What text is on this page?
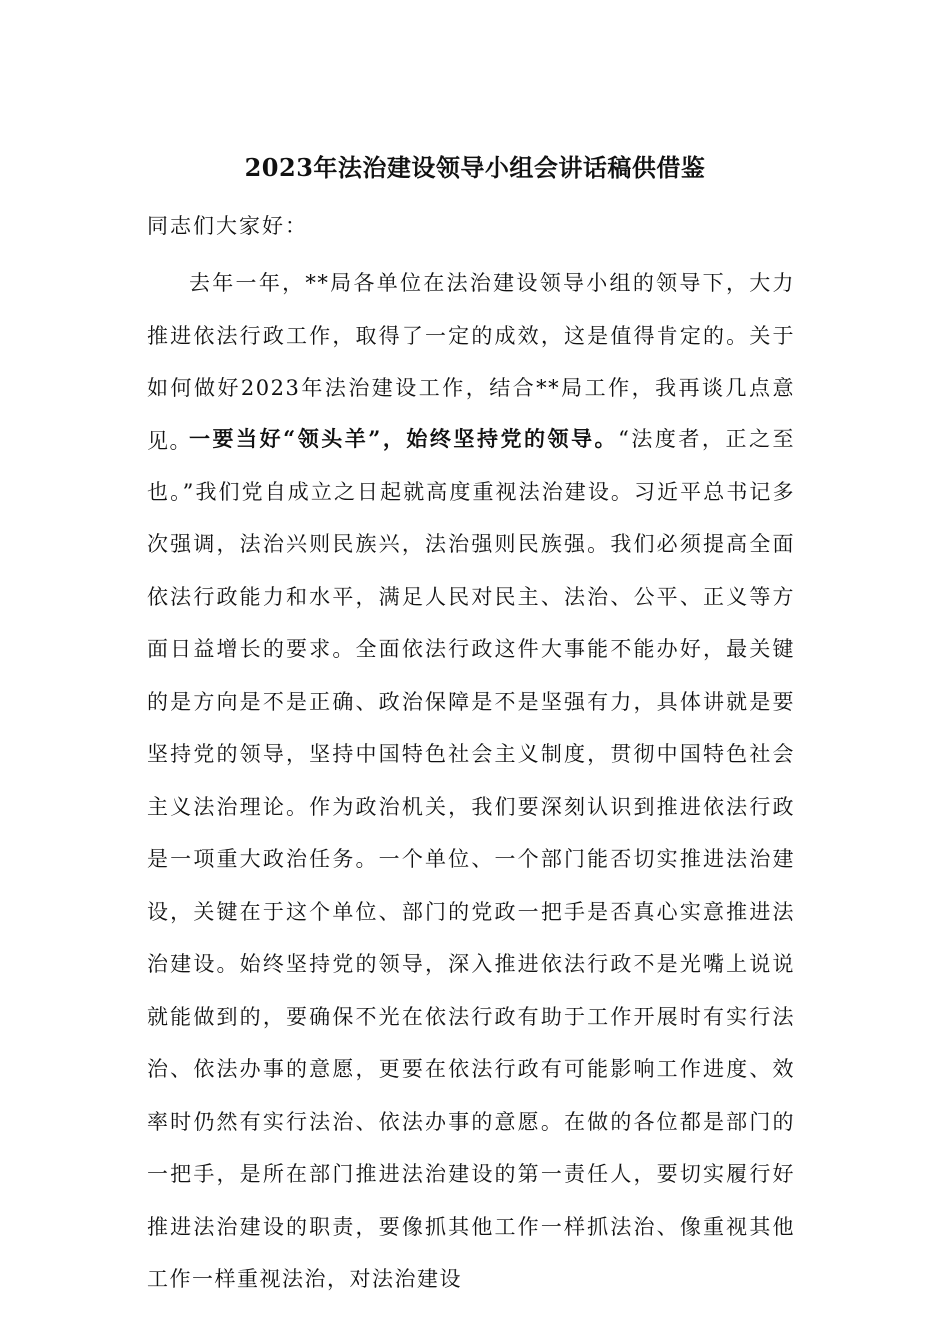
2023年法治建设领导小组会讲话稿供借鉴
同志们大家好：

去年一年，**局各单位在法治建设领导小组的领导下，大力推进依法行政工作，取得了一定的成效，这是值得肯定的。关于如何做好2023年法治建设工作，结合**局工作，我再谈几点意见。

一要当好“领头羊”，始终坚持党的领导。“法度者，正之至也。”我们党自成立之日起就高度重视法治建设。习近平总书记多次强调，法治兴则民族兴，法治强则民族强。我们必须提高全面依法行政能力和水平，满足人民对民主、法治、公平、正义等方面日益增长的要求。全面依法行政这件大事能不能办好，最关键的是方向是不是正确、政治保障是不是坚强有力，具体讲就是要坚持党的领导，坚持中国特色社会主义制度，贯彻中国特色社会主义法治理论。作为政治机关，我们要深刻认识到推进依法行政是一项重大政治任务。一个单位、一个部门能否切实推进法治建设，关键在于这个单位、部门的党政一把手是否真心实意推进法治建设。始终坚持党的领导，深入推进依法行政不是光嘴上说说就能做到的，要确保不光在依法行政有助于工作开展时有实行法治、依法办事的意愿，更要在依法行政有可能影响工作进度、效率时仍然有实行法治、依法办事的意愿。在做的各位都是部门的一把手，是所在部门推进法治建设的第一责任人，要切实履行好推进法治建设的职责，要像抓其他工作一样抓法治、像重视其他工作一样重视法治，对法治建设
